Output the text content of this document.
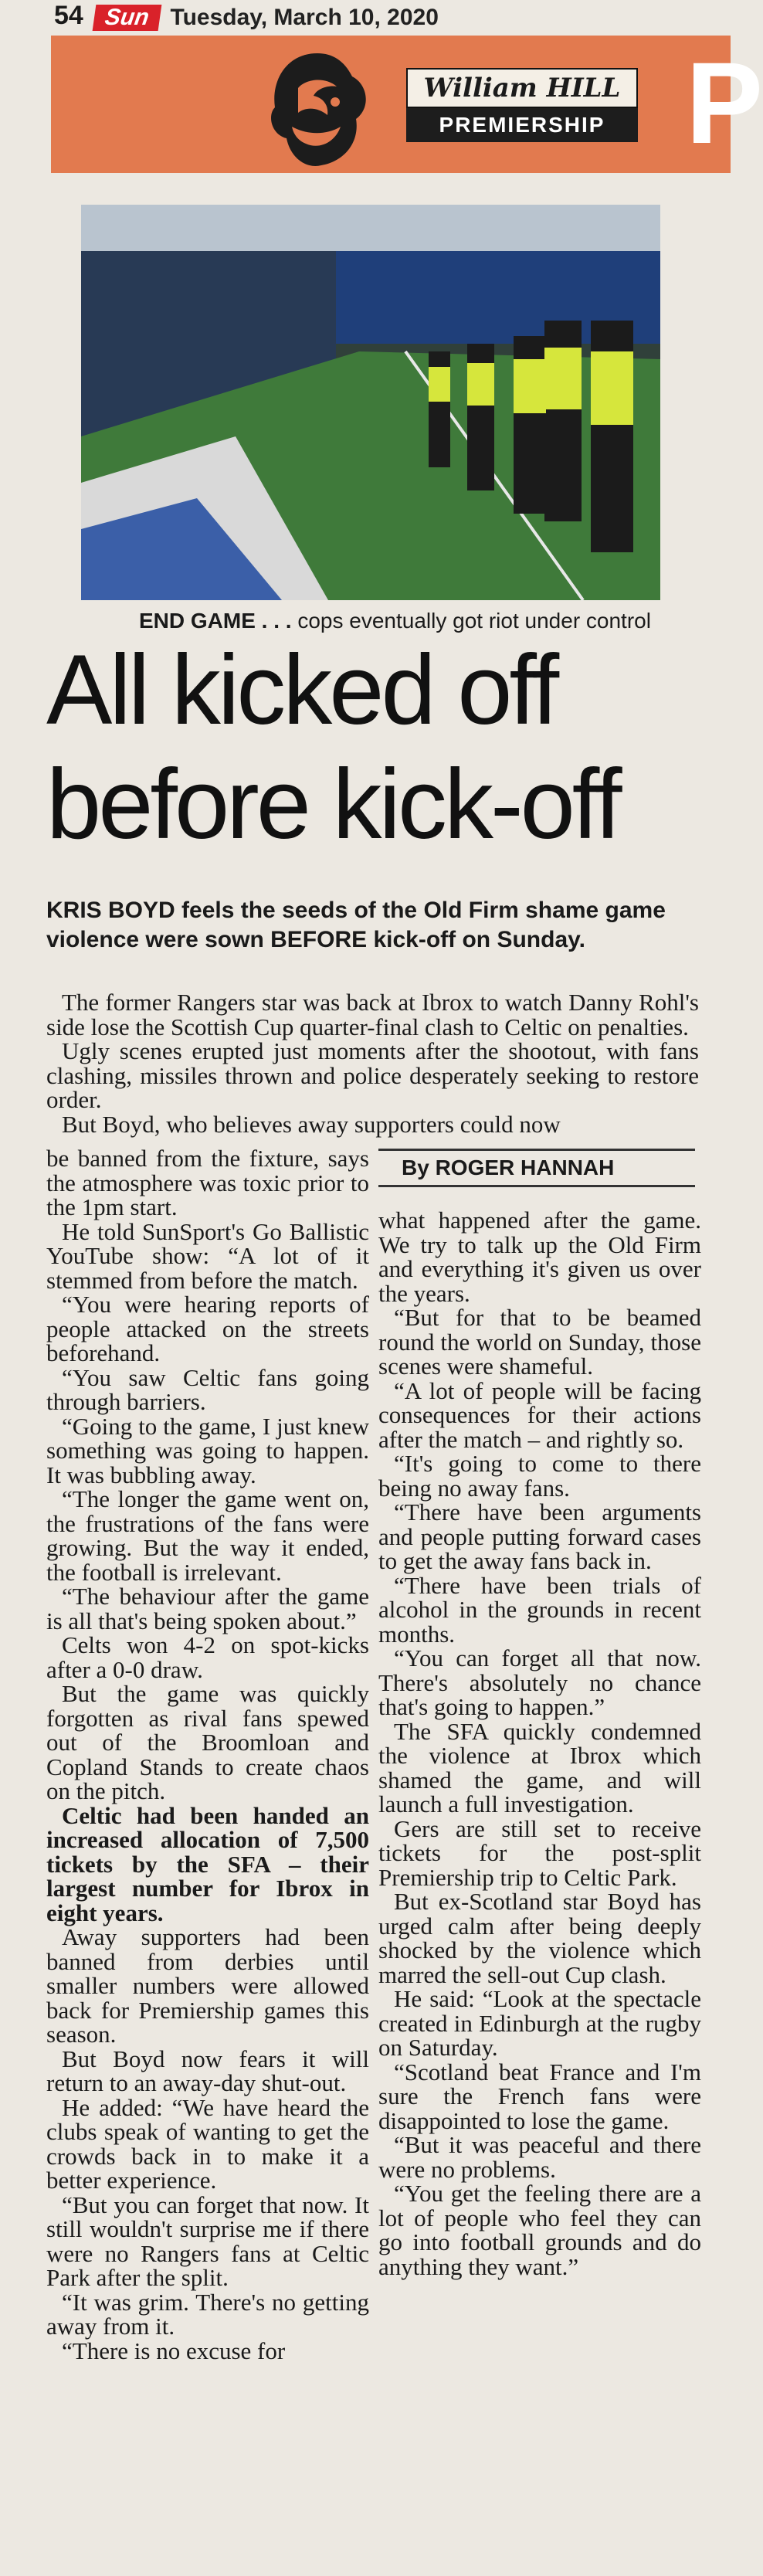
54 Sun Tuesday, March 10, 2020
William HILL
PREMIERSHIP P
END GAME . . . cops eventually got riot under control
All kicked off
before kick-off
KRIS BOYD feels the seeds of the Old Firm shame game violence were sown BEFORE kick-off on Sunday.

The former Rangers star was back at Ibrox to watch Danny Rohl's side lose the Scottish Cup quarter-final clash to Celtic on penalties.

Ugly scenes erupted just moments after the shootout, with fans clashing, missiles thrown and police desperately seeking to restore order.

But Boyd, who believes away supporters could now

be banned from the fixture, says the atmosphere was toxic prior to the 1pm start.

He told SunSport's Go Ballistic YouTube show: “A lot of it stemmed from before the match.

“You were hearing reports of people attacked on the streets beforehand.

“You saw Celtic fans going through barriers.

“Going to the game, I just knew something was going to happen. It was bubbling away.

“The longer the game went on, the frustrations of the fans were growing. But the way it ended, the football is irrelevant.

“The behaviour after the game is all that's being spoken about.”

Celts won 4-2 on spot-kicks after a 0-0 draw.

But the game was quickly forgotten as rival fans spewed out of the Broomloan and Copland Stands to create chaos on the pitch.

Celtic had been handed an increased allocation of 7,500 tickets by the SFA – their largest number for Ibrox in eight years.

Away supporters had been banned from derbies until smaller numbers were allowed back for Premiership games this season.

But Boyd now fears it will return to an away-day shut-out.

He added: “We have heard the clubs speak of wanting to get the crowds back in to make it a better experience.

“But you can forget that now. It still wouldn't surprise me if there were no Rangers fans at Celtic Park after the split.

“It was grim. There's no getting away from it.

“There is no excuse for

By ROGER HANNAH

what happened after the game. We try to talk up the Old Firm and everything it's given us over the years.

“But for that to be beamed round the world on Sunday, those scenes were shameful.

“A lot of people will be facing consequences for their actions after the match – and rightly so.

“It's going to come to there being no away fans.

“There have been arguments and people putting forward cases to get the away fans back in.

“There have been trials of alcohol in the grounds in recent months.

“You can forget all that now. There's absolutely no chance that's going to happen.”

The SFA quickly condemned the violence at Ibrox which shamed the game, and will launch a full investigation.

Gers are still set to receive tickets for the post-split Premiership trip to Celtic Park.

But ex-Scotland star Boyd has urged calm after being deeply shocked by the violence which marred the sell-out Cup clash.

He said: “Look at the spectacle created in Edinburgh at the rugby on Saturday.

“Scotland beat France and I'm sure the French fans were disappointed to lose the game.

“But it was peaceful and there were no problems.

“You get the feeling there are a lot of people who feel they can go into football grounds and do anything they want.”
